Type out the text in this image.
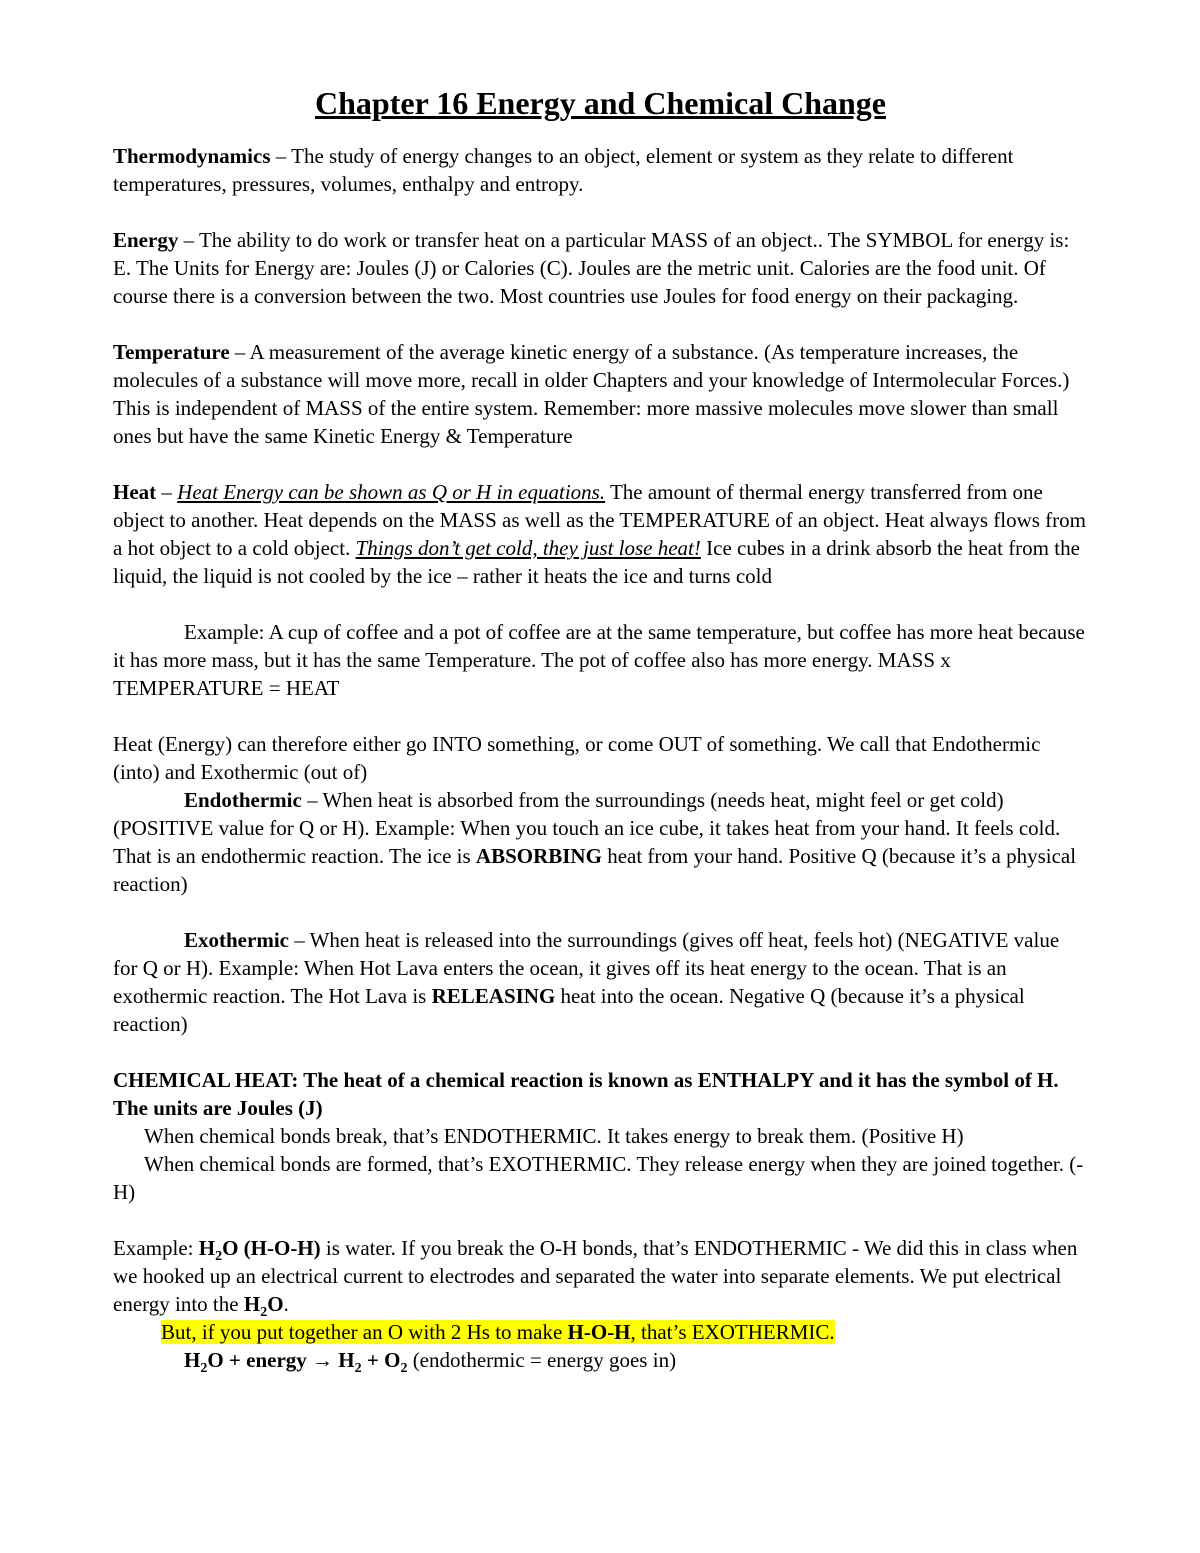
Chapter 16 Energy and Chemical Change

Thermodynamics – The study of energy changes to an object, element or system as they relate to different temperatures, pressures, volumes, enthalpy and entropy.

Energy – The ability to do work or transfer heat on a particular MASS of an object.. The SYMBOL for energy is: E. The Units for Energy are: Joules (J) or Calories (C). Joules are the metric unit. Calories are the food unit. Of course there is a conversion between the two. Most countries use Joules for food energy on their packaging.

Temperature – A measurement of the average kinetic energy of a substance. (As temperature increases, the molecules of a substance will move more, recall in older Chapters and your knowledge of Intermolecular Forces.) This is independent of MASS of the entire system. Remember: more massive molecules move slower than small ones but have the same Kinetic Energy & Temperature

Heat – Heat Energy can be shown as Q or H in equations. The amount of thermal energy transferred from one object to another. Heat depends on the MASS as well as the TEMPERATURE of an object. Heat always flows from a hot object to a cold object. Things don’t get cold, they just lose heat! Ice cubes in a drink absorb the heat from the liquid, the liquid is not cooled by the ice – rather it heats the ice and turns cold

Example: A cup of coffee and a pot of coffee are at the same temperature, but coffee has more heat because it has more mass, but it has the same Temperature. The pot of coffee also has more energy. MASS x TEMPERATURE = HEAT

Heat (Energy) can therefore either go INTO something, or come OUT of something. We call that Endothermic (into) and Exothermic (out of)

Endothermic – When heat is absorbed from the surroundings (needs heat, might feel or get cold) (POSITIVE value for Q or H). Example: When you touch an ice cube, it takes heat from your hand. It feels cold. That is an endothermic reaction. The ice is ABSORBING heat from your hand. Positive Q (because it’s a physical reaction)

Exothermic – When heat is released into the surroundings (gives off heat, feels hot) (NEGATIVE value for Q or H). Example: When Hot Lava enters the ocean, it gives off its heat energy to the ocean. That is an exothermic reaction. The Hot Lava is RELEASING heat into the ocean. Negative Q (because it’s a physical reaction)

CHEMICAL HEAT: The heat of a chemical reaction is known as ENTHALPY and it has the symbol of H. The units are Joules (J)

When chemical bonds break, that’s ENDOTHERMIC. It takes energy to break them. (Positive H)

When chemical bonds are formed, that’s EXOTHERMIC. They release energy when they are joined together. (-H)

Example: $H_2O$ (H-O-H) is water. If you break the O-H bonds, that’s ENDOTHERMIC - We did this in class when we hooked up an electrical current to electrodes and separated the water into separate elements. We put electrical energy into the $H_2O$.

But, if you put together an O with 2 Hs to make H-O-H, that’s EXOTHERMIC.

$H_2O$ + energy → $H_2 + O_2$ (endothermic = energy goes in)
